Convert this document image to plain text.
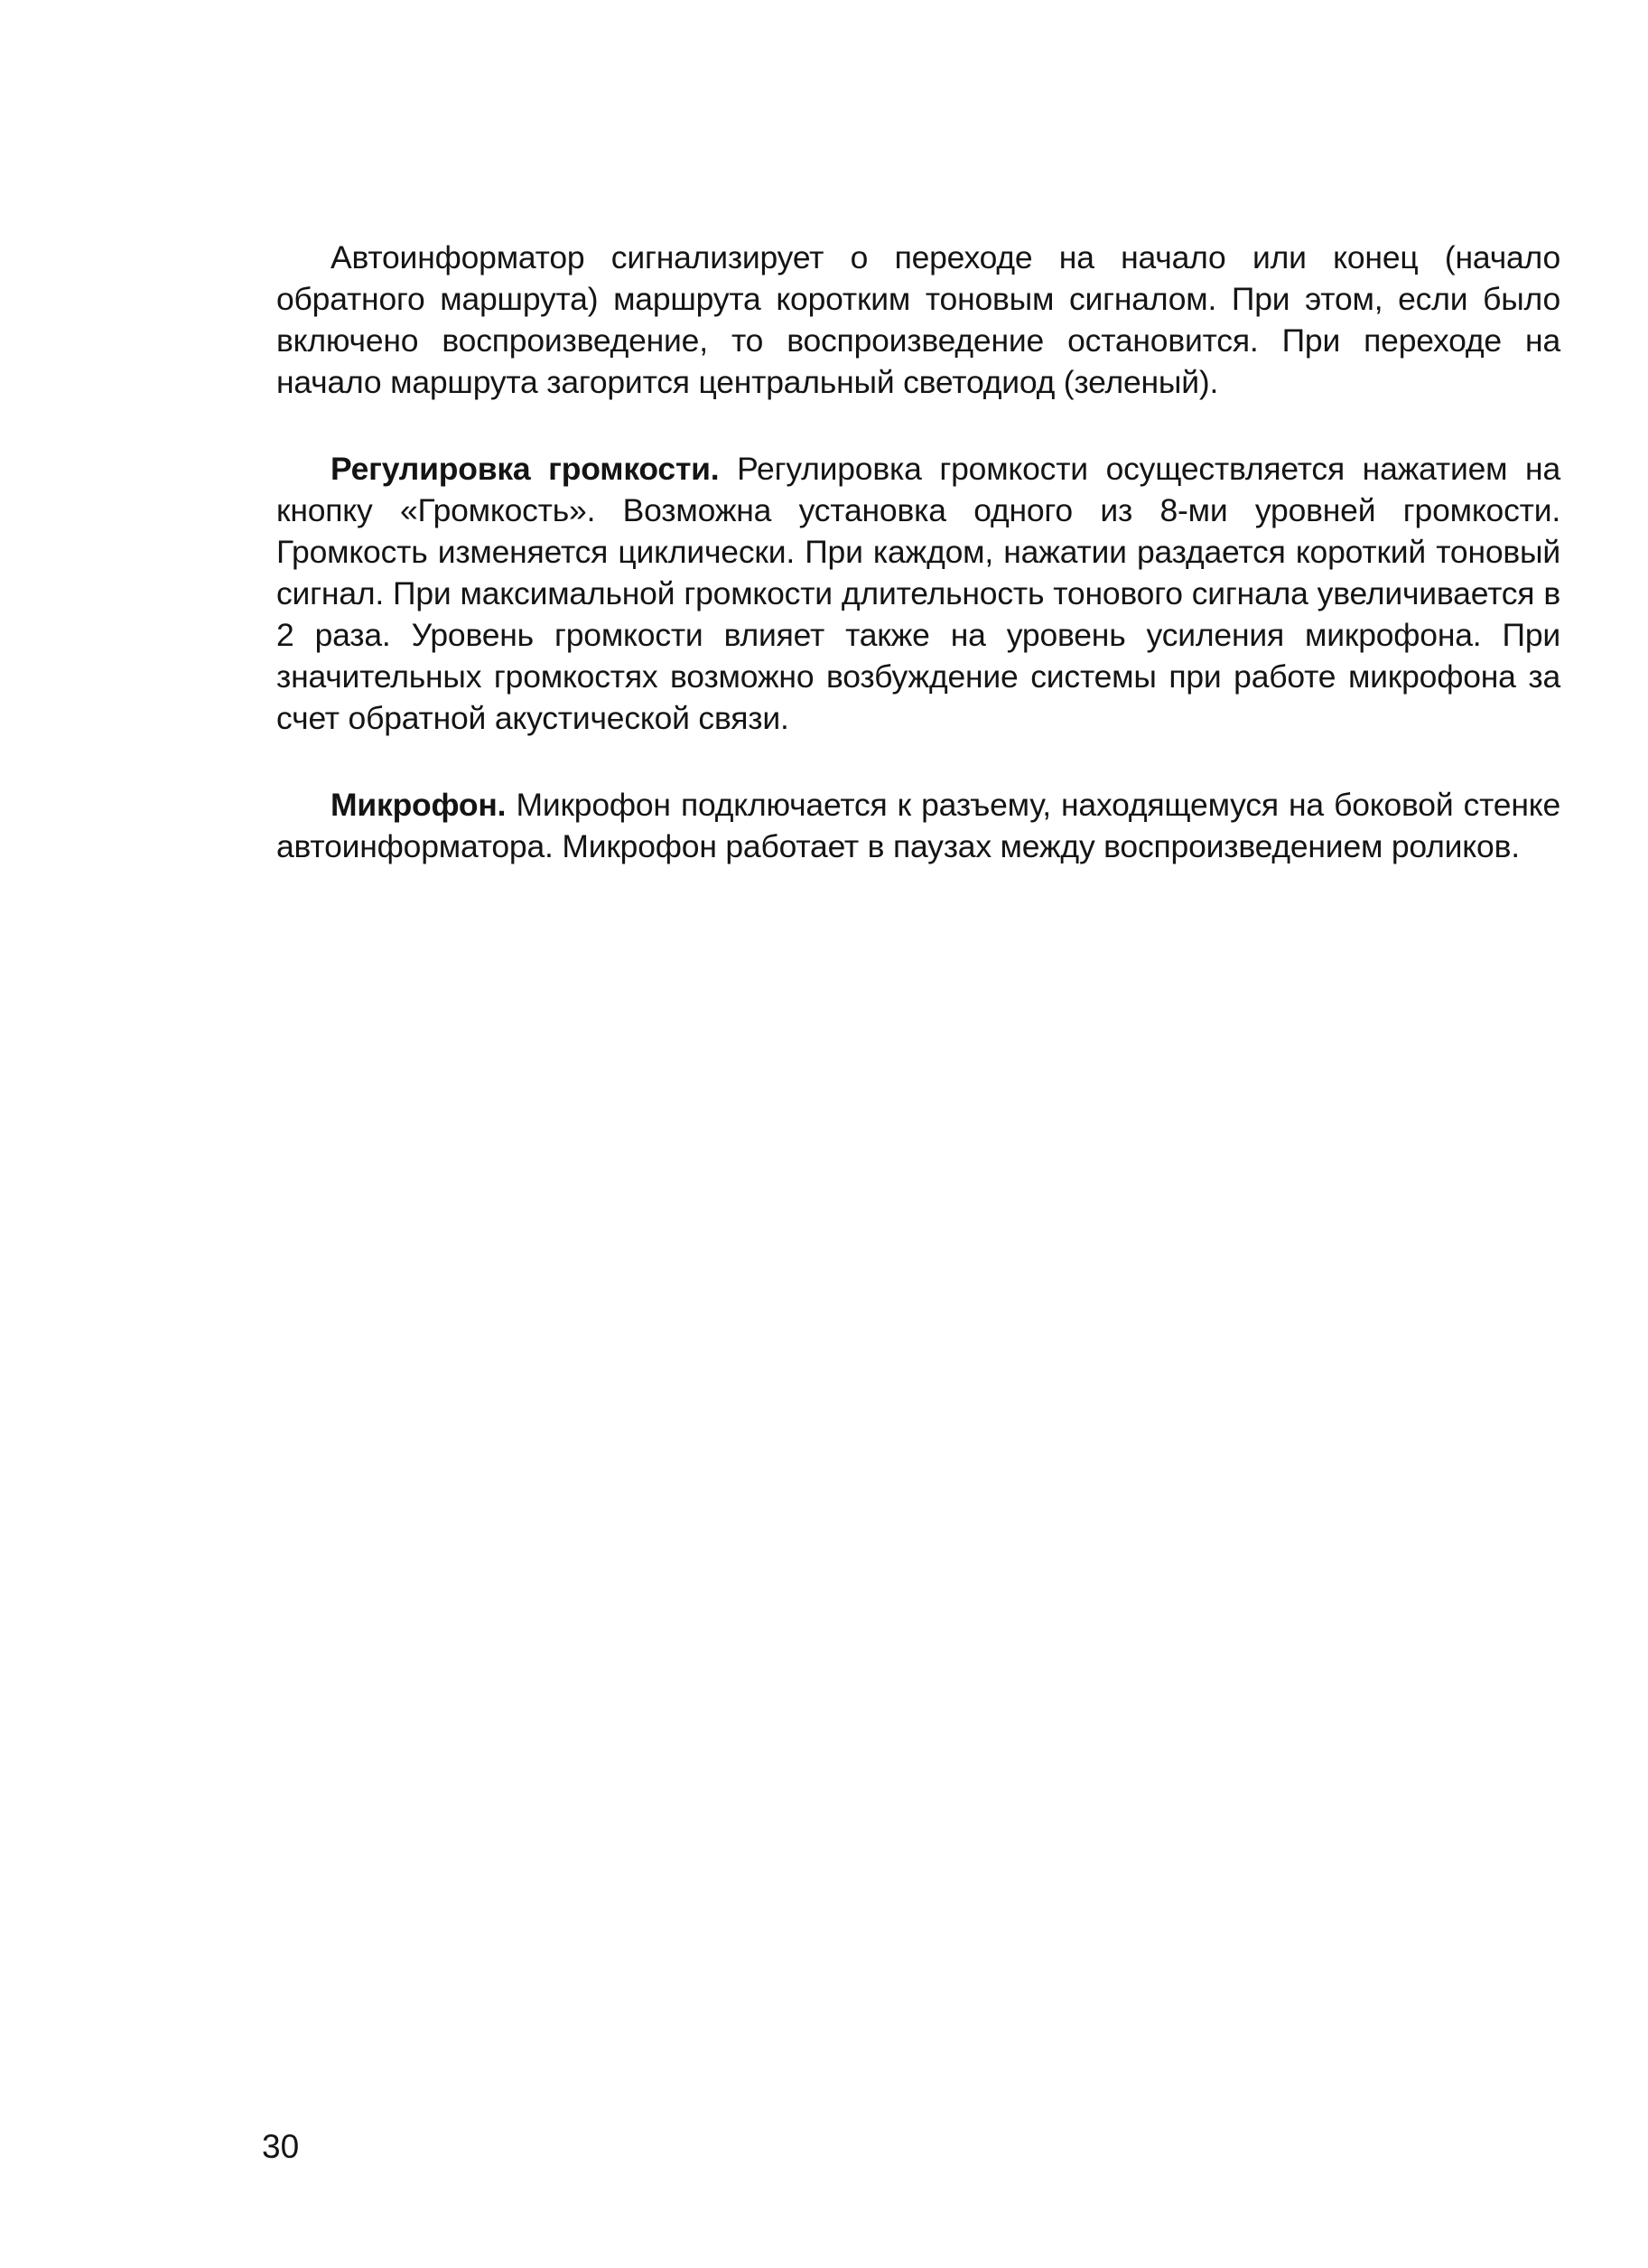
Автоинформатор сигнализирует о переходе на начало или конец (начало обратного маршрута) маршрута коротким тоновым сигналом. При этом, если было включено воспроизведение, то воспроизведение остановится. При переходе на начало маршрута загорится центральный светодиод (зеленый).

Регулировка громкости. Регулировка громкости осуществляется нажатием на кнопку «Громкость». Возможна установка одного из 8-ми уровней громкости. Громкость изменяется циклически. При каждом, нажатии раздается короткий тоновый сигнал. При максимальной громкости длительность тонового сигнала увеличивается в 2 раза. Уровень громкости влияет также на уровень усиления микрофона. При значительных громкостях возможно возбуждение системы при работе микрофона за счет обратной акустической связи.

Микрофон. Микрофон подключается к разъему, находящемуся на боковой стенке автоинформатора. Микрофон работает в паузах между воспроизведением роликов.

30
